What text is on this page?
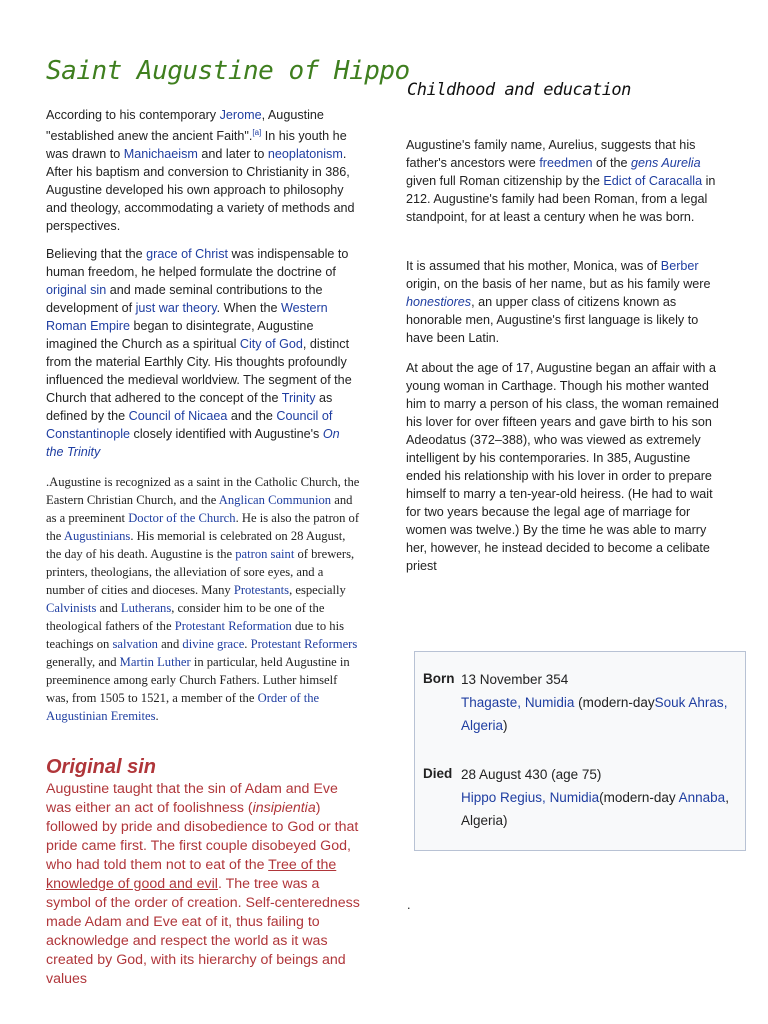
Saint Augustine of Hippo
According to his contemporary Jerome, Augustine "established anew the ancient Faith".[a] In his youth he was drawn to Manichaeism and later to neoplatonism. After his baptism and conversion to Christianity in 386, Augustine developed his own approach to philosophy and theology, accommodating a variety of methods and perspectives.
Believing that the grace of Christ was indispensable to human freedom, he helped formulate the doctrine of original sin and made seminal contributions to the development of just war theory. When the Western Roman Empire began to disintegrate, Augustine imagined the Church as a spiritual City of God, distinct from the material Earthly City. His thoughts profoundly influenced the medieval worldview. The segment of the Church that adhered to the concept of the Trinity as defined by the Council of Nicaea and the Council of Constantinople closely identified with Augustine's On the Trinity
.Augustine is recognized as a saint in the Catholic Church, the Eastern Christian Church, and the Anglican Communion and as a preeminent Doctor of the Church. He is also the patron of the Augustinians. His memorial is celebrated on 28 August, the day of his death. Augustine is the patron saint of brewers, printers, theologians, the alleviation of sore eyes, and a number of cities and dioceses. Many Protestants, especially Calvinists and Lutherans, consider him to be one of the theological fathers of the Protestant Reformation due to his teachings on salvation and divine grace. Protestant Reformers generally, and Martin Luther in particular, held Augustine in preeminence among early Church Fathers. Luther himself was, from 1505 to 1521, a member of the Order of the Augustinian Eremites.
Original sin
Augustine taught that the sin of Adam and Eve was either an act of foolishness (insipientia) followed by pride and disobedience to God or that pride came first. The first couple disobeyed God, who had told them not to eat of the Tree of the knowledge of good and evil. The tree was a symbol of the order of creation. Self-centeredness made Adam and Eve eat of it, thus failing to acknowledge and respect the world as it was created by God, with its hierarchy of beings and values
Childhood and education
Augustine's family name, Aurelius, suggests that his father's ancestors were freedmen of the gens Aurelia given full Roman citizenship by the Edict of Caracalla in 212. Augustine's family had been Roman, from a legal standpoint, for at least a century when he was born.
It is assumed that his mother, Monica, was of Berber origin, on the basis of her name, but as his family were honestiores, an upper class of citizens known as honorable men, Augustine's first language is likely to have been Latin.
At about the age of 17, Augustine began an affair with a young woman in Carthage. Though his mother wanted him to marry a person of his class, the woman remained his lover for over fifteen years and gave birth to his son Adeodatus (372–388), who was viewed as extremely intelligent by his contemporaries. In 385, Augustine ended his relationship with his lover in order to prepare himself to marry a ten-year-old heiress. (He had to wait for two years because the legal age of marriage for women was twelve.) By the time he was able to marry her, however, he instead decided to become a celibate priest
Born 13 November 354
Thagaste, Numidia (modern-daySouk Ahras, Algeria)
Died 28 August 430 (age 75)
Hippo Regius, Numidia(modern-day Annaba, Algeria)
.
